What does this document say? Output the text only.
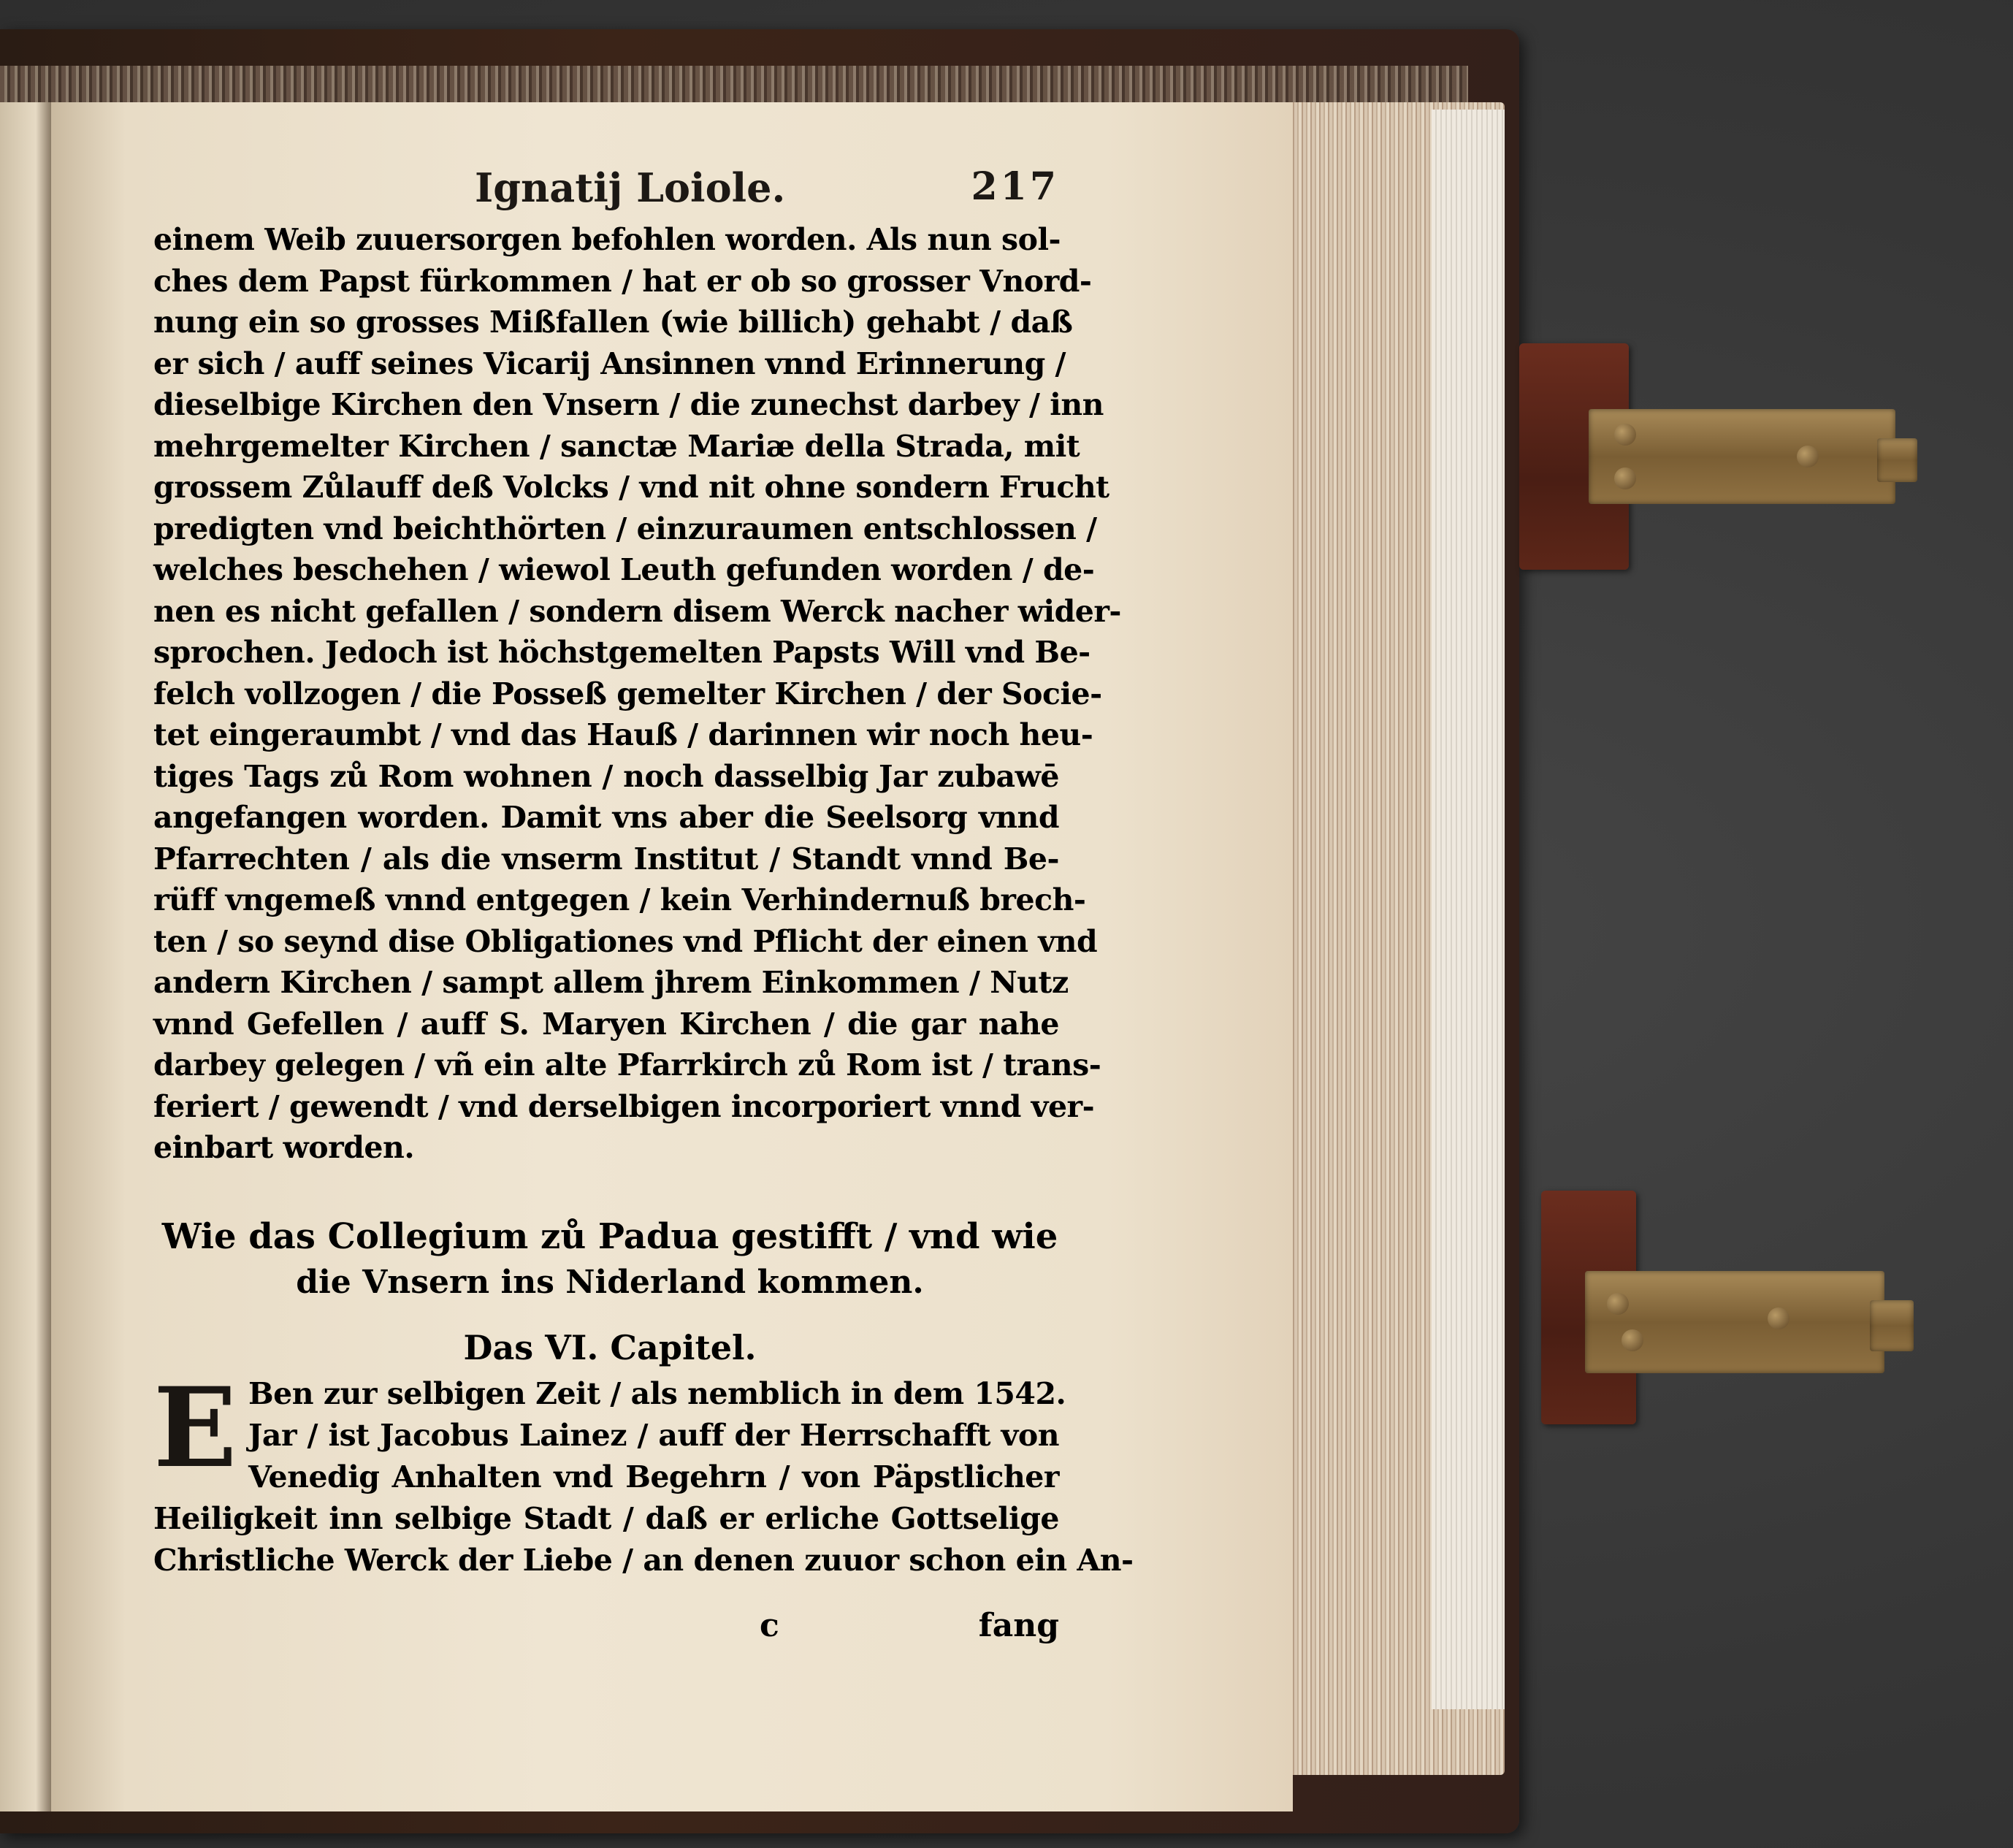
Ignatij Loiole.	217
einem Weib zuuersorgen befohlen worden. Als nun sol-
ches dem Papst fürkommen / hat er ob so grosser Vnord-
nung ein so grosses Mißfallen (wie billich) gehabt / daß
er sich / auff seines Vicarij Ansinnen vnnd Erinnerung /
dieselbige Kirchen den Vnsern / die zunechst darbey / inn
mehrgemelter Kirchen / sanctæ Mariæ della Strada, mit
grossem Zůlauff deß Volcks / vnd nit ohne sondern Frucht
predigten vnd beichthörten / einzuraumen entschlossen /
welches beschehen / wiewol Leuth gefunden worden / de-
nen es nicht gefallen / sondern disem Werck nacher wider-
sprochen. Jedoch ist höchstgemelten Papsts Will vnd Be-
felch vollzogen / die Posseß gemelter Kirchen / der Socie-
tet eingeraumbt / vnd das Hauß / darinnen wir noch heu-
tiges Tags zů Rom wohnen / noch dasselbig Jar zubawē
angefangen worden. Damit vns aber die Seelsorg vnnd
Pfarrechten / als die vnserm Institut / Standt vnnd Be-
rüff vngemeß vnnd entgegen / kein Verhindernuß brech-
ten / so seynd dise Obligationes vnd Pflicht der einen vnd
andern Kirchen / sampt allem jhrem Einkommen / Nutz
vnnd Gefellen / auff S. Maryen Kirchen / die gar nahe
darbey gelegen / vñ ein alte Pfarrkirch zů Rom ist / trans-
feriert / gewendt / vnd derselbigen incorporiert vnnd ver-
einbart worden.
Wie das Collegium zů Padua gestifft / vnd wie
die Vnsern ins Niderland kommen.
Das VI. Capitel.
E Ben zur selbigen Zeit / als nemblich in dem 1542.
Jar / ist Jacobus Lainez / auff der Herrschafft von
Venedig Anhalten vnd Begehrn / von Päpstlicher
Heiligkeit inn selbige Stadt / daß er erliche Gottselige
Christliche Werck der Liebe / an denen zuuor schon ein An-
c	fang
